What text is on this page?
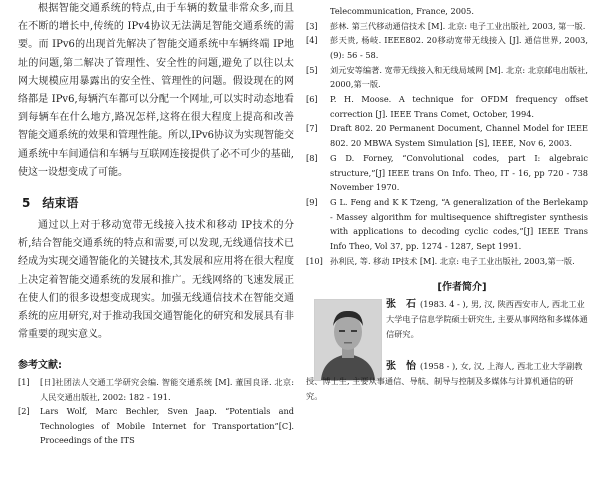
根据智能交通系统的特点,由于车辆的数量非常众多,而且在不断的增长中,传统的 IPv4协议无法满足智能交通系统的需要。而 IPv6的出现首先解决了智能交通系统中车辆终端 IP地址的问题,第二解决了管理性、安全性的问题,避免了以往以太网大规模应用暴露出的安全性、管理性的问题。假设现在的网络都是 IPv6,每辆汽车都可以分配一个网址,可以实时动态地看到每辆车在什么地方,路况怎样,这将在很大程度上提高和改善智能交通系统的效果和管理性能。所以,IPv6协议为实现智能交通系统中车间通信和车辆与互联网连接提供了必不可少的基础,使这一设想变成了可能。

5　结束语

通过以上对于移动宽带无线接入技术和移动 IP技术的分析,结合智能交通系统的特点和需要,可以发现,无线通信技术已经成为实现交通智能化的关键技术,其发展和应用将在很大程度上决定着智能交通系统的发展和推广。无线网络的飞速发展正在使人们的很多设想变成现实。加强无线通信技术在智能交通系统的应用研究,对于推动我国交通智能化的研究和发展具有非常重要的现实意义。

参考文献:
[1]	[日]社团法人交通工学研究会编. 智能交通系统 [M]. 董国良译. 北京: 人民交通出版社, 2002: 182 - 191.
[2]	Lars Wolf, Marc Bechler, Sven Jaap. “Potentials and Technologies of Mobile Internet for Transportation”[C]. Proceedings of the ITS

Telecommunication, France, 2005.

[3]	彭林. 第三代移动通信技术 [M]. 北京: 电子工业出版社, 2003, 第一版.
[4]	彭天贵, 杨岐. IEEE802. 20移动宽带无线接入 [J]. 通信世界, 2003, (9): 56 - 58.
[5]	刘元安等编著. 宽带无线接入和无线局域网 [M]. 北京: 北京邮电出版社, 2000,第一版.
[6]	P. H. Moose. A technique for OFDM frequency offset correction [J]. IEEE Trans Comet, October, 1994.
[7]	Draft 802. 20 Permanent Document, Channel Model for IEEE 802. 20 MBWA System Simulation [S], IEEE, Nov 6, 2003.
[8]	G D. Forney, “Convolutional codes, part I: algebraic structure,”[J] IEEE trans On Info. Theo, IT - 16, pp 720 - 738 November 1970.
[9]	G L. Feng and K K Tzeng, “A generalization of the Berlekamp - Massey algorithm for multisequence shiftregister synthesis with applications to decoding cyclic codes,”[J] IEEE Trans Info Theo, Vol 37, pp. 1274 - 1287, Sept 1991.
[10] 孙利民, 等. 移动 IP技术 [M]. 北京: 电子工业出版社, 2003,第一版.
[作者简介]
张　石 (1983. 4 - ), 男, 汉, 陕西西安市人, 西北工业大学电子信息学院硕士研究生, 主要从事网络和多媒体通信研究。
张　怡 (1958 - ), 女, 汉, 上海人, 西北工业大学副教授、博士生, 主要从事通信、导航、制导与控制及多媒体与计算机通信的研究。
